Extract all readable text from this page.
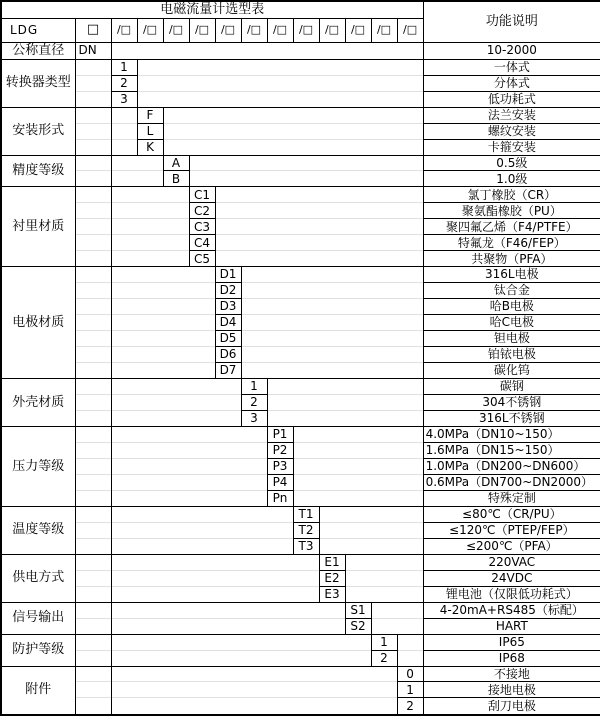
电磁流量计选型表														功能说明
LDG	□	/□	/□	/□	/□	/□	/□	/□	/□	/□	/□	/□	/□	
公称直径	DN													10-2000
转换器类型		1												一体式
		2												分体式
		3												低功耗式
安装形式			F											法兰安装
			L											螺纹安装
			K											卡箍安装
精度等级				A										0.5级
				B										1.0级
衬里材质					C1									氯丁橡胶（CR）
					C2									聚氨酯橡胶（PU）
					C3									聚四氟乙烯（F4/PTFE）
					C4									特氟龙（F46/FEP）
					C5									共聚物（PFA）
电极材质						D1								316L电极
						D2								钛合金
						D3								哈B电极
						D4								哈C电极
						D5								钽电极
						D6								铂铱电极
						D7								碳化钨
外壳材质							1							碳钢
							2							304不锈钢
							3							316L不锈钢
压力等级								P1						4.0MPa（DN10~150）
								P2						1.6MPa（DN15~150）
								P3						1.0MPa（DN200~DN600）
								P4						0.6MPa（DN700~DN2000）
								Pn						特殊定制
温度等级									T1					≤80℃（CR/PU）
									T2					≤120℃（PTEP/FEP）
									T3					≤200℃（PFA）
供电方式										E1				220VAC
										E2				24VDC
										E3				锂电池（仅限低功耗式）
信号输出											S1			4-20mA+RS485（标配）
											S2			HART
防护等级												1		IP65
												2		IP68
附件													0	不接地
													1	接地电极
													2	刮刀电极
